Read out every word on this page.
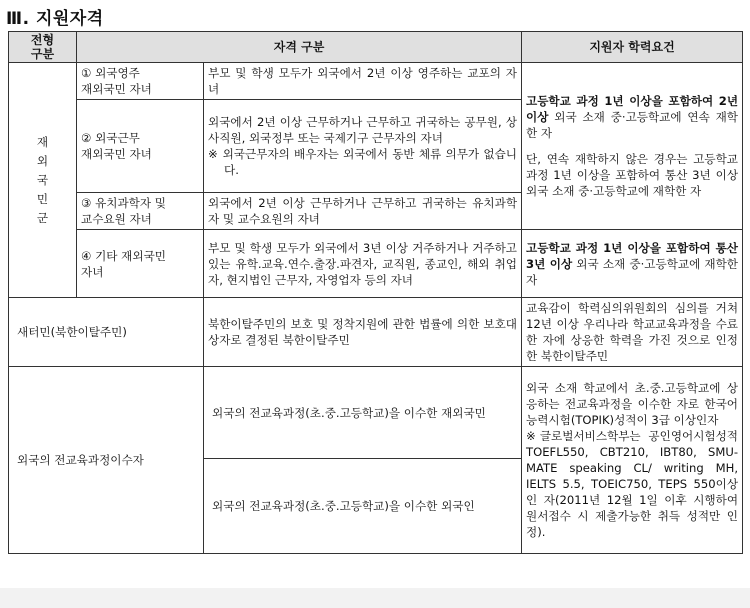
Ⅲ. 지원자격
전형
구분	자격 구분		지원자 학력요건

재
외
국
민
군	① 외국영주
재외국민 자녀	부모 및 학생 모두가 외국에서 2년 이상 영주하는 교포의 자녀	고등학교 과정 1년 이상을 포함하여 2년 이상 외국 소재 중·고등학교에 연속 재학한 자
단, 연속 재학하지 않은 경우는 고등학교 과정 1년 이상을 포함하여 통산 3년 이상 외국 소재 중·고등학교에 재학한 자

	② 외국근무
재외국민 자녀	외국에서 2년 이상 근무하거나 근무하고 귀국하는 공무원, 상사직원, 외국정부 또는 국제기구 근무자의 자녀
※ 외국근무자의 배우자는 외국에서 동반 체류 의무가 없습니다.	

	③ 유치과학자 및
교수요원 자녀	외국에서 2년 이상 근무하거나 근무하고 귀국하는 유치과학자 및 교수요원의 자녀	

	④ 기타 재외국민
자녀	부모 및 학생 모두가 외국에서 3년 이상 거주하거나 거주하고 있는 유학.교육.연수.출장.파견자, 교직원, 종교인, 해외 취업자, 현지법인 근무자, 자영업자 등의 자녀	고등학교 과정 1년 이상을 포함하여 통산 3년 이상 외국 소재 중·고등학교에 재학한 자
새터민(북한이탈주민)		북한이탈주민의 보호 및 정착지원에 관한 법률에 의한 보호대상자로 결정된 북한이탈주민	교육감이 학력심의위원회의 심의를 거쳐 12년 이상 우리나라 학교교육과정을 수료한 자에 상응한 학력을 가진 것으로 인정한 북한이탈주민
외국의 전교육과정이수자		외국의 전교육과정(초.중.고등학교)을 이수한 재외국민	외국 소재 학교에서 초.중.고등학교에 상응하는 전교육과정을 이수한 자로 한국어능력시험(TOPIK)성적이 3급 이상인자
※글로벌서비스학부는 공인영어시험성적 TOEFL550, CBT210, IBT80, SMU-MATE speaking CL/ writing MH, IELTS 5.5, TOEIC750, TEPS 550이상인 자(2011년 12월 1일 이후 시행하여 원서접수 시 제출가능한 취득 성적만 인정).

		외국의 전교육과정(초.중.고등학교)을 이수한 외국인	
